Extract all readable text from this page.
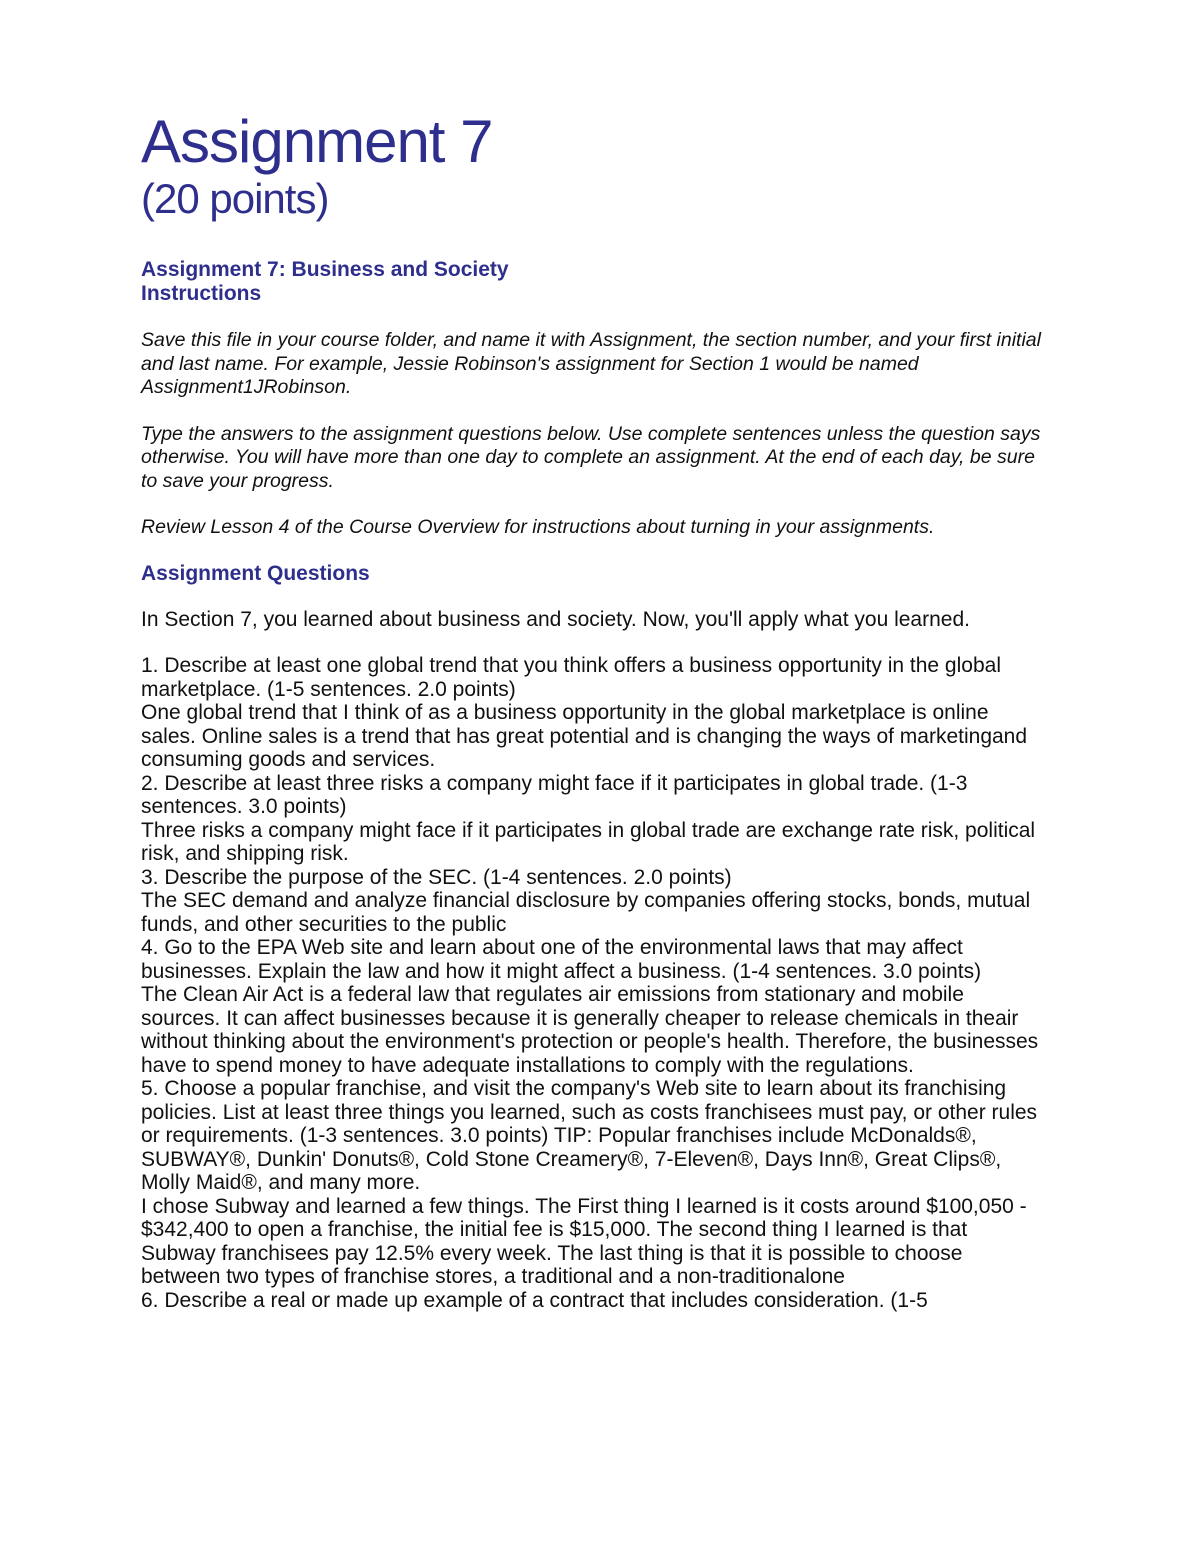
Assignment 7
(20 points)
Assignment 7: Business and Society
Instructions

Save this file in your course folder, and name it with Assignment, the section number, and your first initial and last name. For example, Jessie Robinson's assignment for Section 1 would be named Assignment1JRobinson.

Type the answers to the assignment questions below. Use complete sentences unless the question says otherwise. You will have more than one day to complete an assignment. At the end of each day, be sure to save your progress.

Review Lesson 4 of the Course Overview for instructions about turning in your assignments.

Assignment Questions

In Section 7, you learned about business and society. Now, you'll apply what you learned.

1. Describe at least one global trend that you think offers a business opportunity in the global marketplace. (1-5 sentences. 2.0 points)

One global trend that I think of as a business opportunity in the global marketplace is online sales. Online sales is a trend that has great potential and is changing the ways of marketingand consuming goods and services.

2. Describe at least three risks a company might face if it participates in global trade. (1-3 sentences. 3.0 points)

Three risks a company might face if it participates in global trade are exchange rate risk, political risk, and shipping risk.

3. Describe the purpose of the SEC. (1-4 sentences. 2.0 points)

The SEC demand and analyze financial disclosure by companies offering stocks, bonds, mutual funds, and other securities to the public

4. Go to the EPA Web site and learn about one of the environmental laws that may affect businesses. Explain the law and how it might affect a business. (1-4 sentences. 3.0 points)

The Clean Air Act is a federal law that regulates air emissions from stationary and mobile sources. It can affect businesses because it is generally cheaper to release chemicals in theair without thinking about the environment's protection or people's health. Therefore, the businesses have to spend money to have adequate installations to comply with the regulations.

5. Choose a popular franchise, and visit the company's Web site to learn about its franchising policies. List at least three things you learned, such as costs franchisees must pay, or other rules or requirements. (1-3 sentences. 3.0 points) TIP: Popular franchises include McDonalds®, SUBWAY®, Dunkin' Donuts®, Cold Stone Creamery®, 7-Eleven®, Days Inn®, Great Clips®, Molly Maid®, and many more.

I chose Subway and learned a few things. The First thing I learned is it costs around $100,050 - $342,400 to open a franchise, the initial fee is $15,000. The second thing I learned is that Subway franchisees pay 12.5% every week. The last thing is that it is possible to choose between two types of franchise stores, a traditional and a non-traditionalone

6. Describe a real or made up example of a contract that includes consideration. (1-5
